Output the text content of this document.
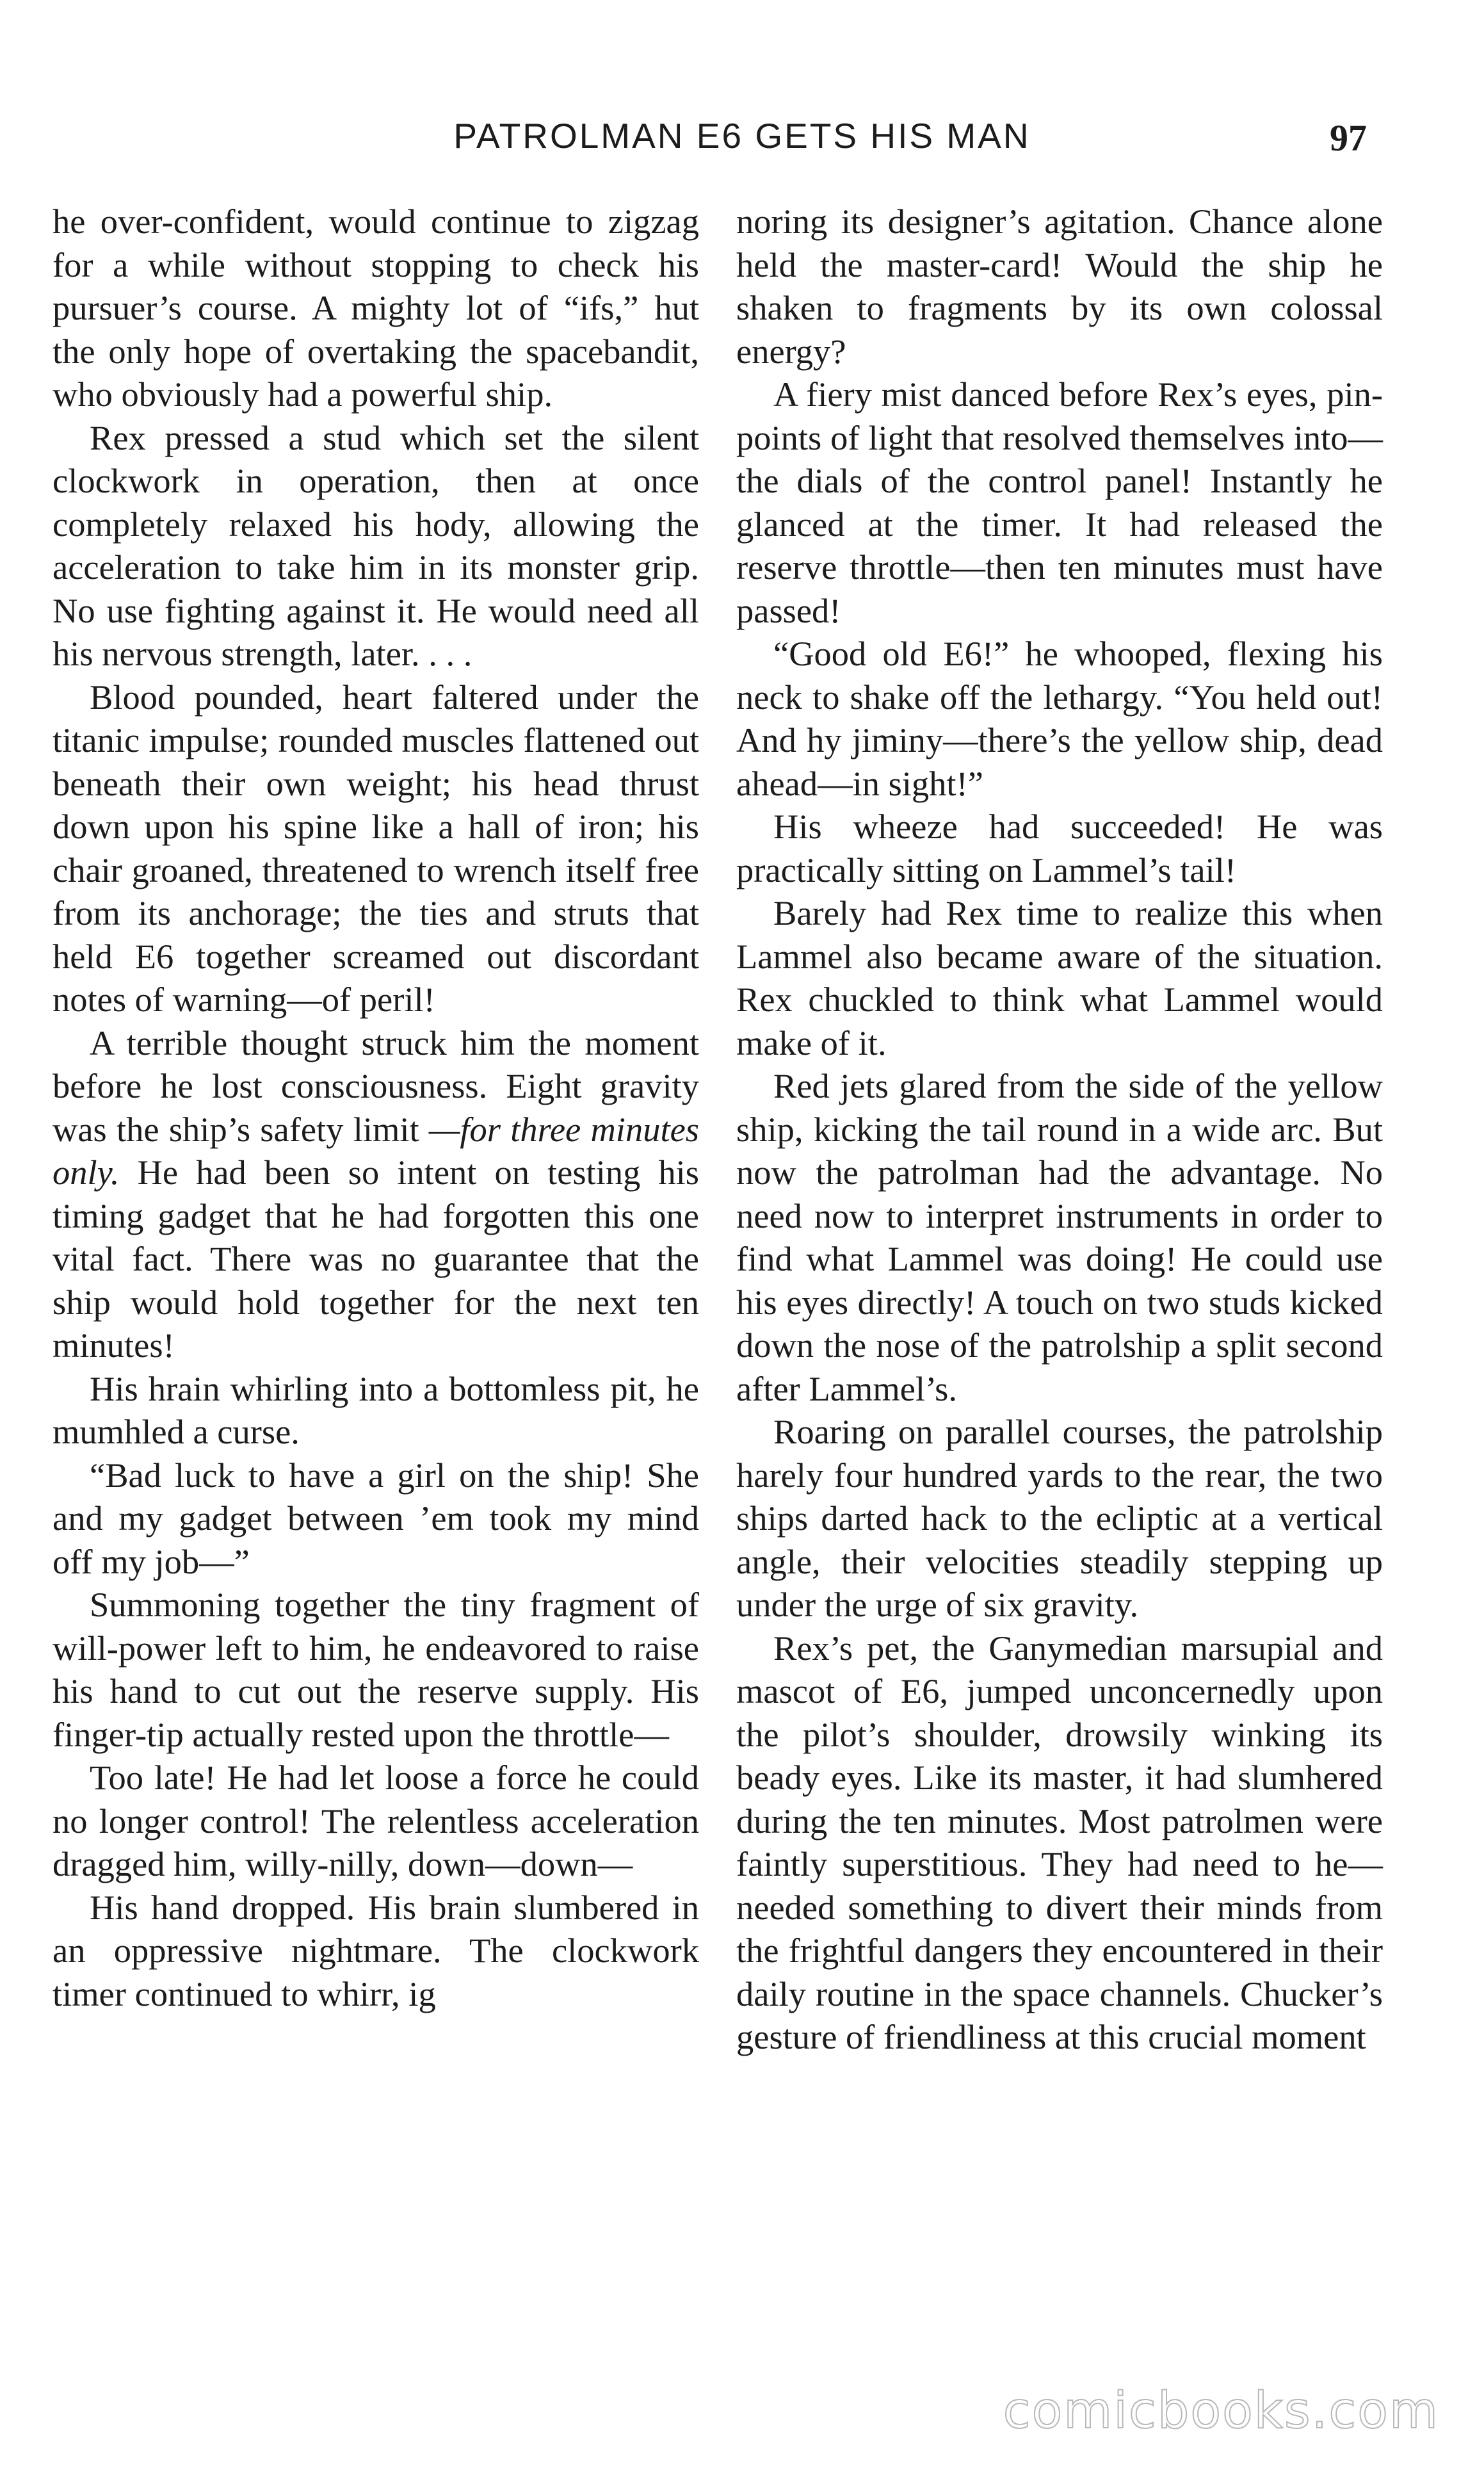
PATROLMAN E6 GETS HIS MAN	97

he over-confident, would continue to zigzag for a while without stopping to check his pursuer’s course. A mighty lot of “ifs,” hut the only hope of overtaking the spacebandit, who obviously had a powerful ship.

Rex pressed a stud which set the silent clockwork in operation, then at once completely relaxed his hody, allowing the acceleration to take him in its monster grip. No use fighting against it. He would need all his nervous strength, later. . . .

Blood pounded, heart faltered under the titanic impulse; rounded muscles flattened out beneath their own weight; his head thrust down upon his spine like a hall of iron; his chair groaned, threatened to wrench itself free from its anchorage; the ties and struts that held E6 together screamed out discordant notes of warning—of peril!

A terrible thought struck him the moment before he lost consciousness. Eight gravity was the ship’s safety limit —for three minutes only. He had been so intent on testing his timing gadget that he had forgotten this one vital fact. There was no guarantee that the ship would hold together for the next ten minutes!

His hrain whirling into a bottomless pit, he mumhled a curse.

“Bad luck to have a girl on the ship! She and my gadget between ’em took my mind off my job—”

Summoning together the tiny fragment of will-power left to him, he endeavored to raise his hand to cut out the reserve supply. His finger-tip actually rested upon the throttle—

Too late! He had let loose a force he could no longer control! The relentless acceleration dragged him, willy-nilly, down—down—

His hand dropped. His brain slumbered in an oppressive nightmare. The clockwork timer continued to whirr, ig

noring its designer’s agitation. Chance alone held the master-card! Would the ship he shaken to fragments by its own colossal energy?

A fiery mist danced before Rex’s eyes, pin-points of light that resolved themselves into—the dials of the control panel! Instantly he glanced at the timer. It had released the reserve throttle—then ten minutes must have passed!

“Good old E6!” he whooped, flexing his neck to shake off the lethargy. “You held out! And hy jiminy—there’s the yellow ship, dead ahead—in sight!”

His wheeze had succeeded! He was practically sitting on Lammel’s tail!

Barely had Rex time to realize this when Lammel also became aware of the situation. Rex chuckled to think what Lammel would make of it.

Red jets glared from the side of the yellow ship, kicking the tail round in a wide arc. But now the patrolman had the advantage. No need now to interpret instruments in order to find what Lammel was doing! He could use his eyes directly! A touch on two studs kicked down the nose of the patrolship a split second after Lammel’s.

Roaring on parallel courses, the patrolship harely four hundred yards to the rear, the two ships darted hack to the ecliptic at a vertical angle, their velocities steadily stepping up under the urge of six gravity.

Rex’s pet, the Ganymedian marsupial and mascot of E6, jumped unconcernedly upon the pilot’s shoulder, drowsily winking its beady eyes. Like its master, it had slumhered during the ten minutes. Most patrolmen were faintly superstitious. They had need to he—needed something to divert their minds from the frightful dangers they encountered in their daily routine in the space channels. Chucker’s gesture of friendliness at this crucial moment

comicbooks.com
